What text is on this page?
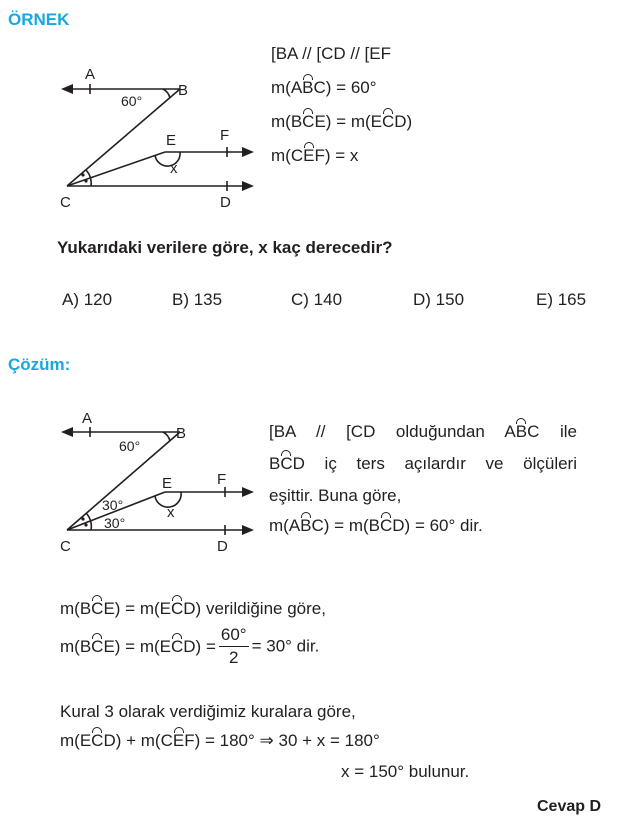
ÖRNEK
A
B
60°
E	F
x
C	D
[BA // [CD // [EF
m(ABC) = 60°
m(BCE) = m(ECD)
m(CEF) = x
Yukarıdaki verilere göre, x kaç derecedir?
A) 120	B) 135	C) 140	D) 150	E) 165
Çözüm:
A
B
60°
E	F
x
30°
30°
C	D
[BA // [CD olduğundan ABC ile
BCD iç ters açılardır ve ölçüleri
eşittir. Buna göre,
m(ABC) = m(BCD) = 60° dir.
m(BCE) = m(ECD) verildiğine göre,
$m(BCE) = m(ECD) = \frac{60^\circ}{2} = 30^\circ$ dir.
Kural 3 olarak verdiğimiz kuralara göre,
m(ECD) + m(CEF) = 180° ⇒ 30 + x = 180°
x = 150° bulunur.
Cevap D
